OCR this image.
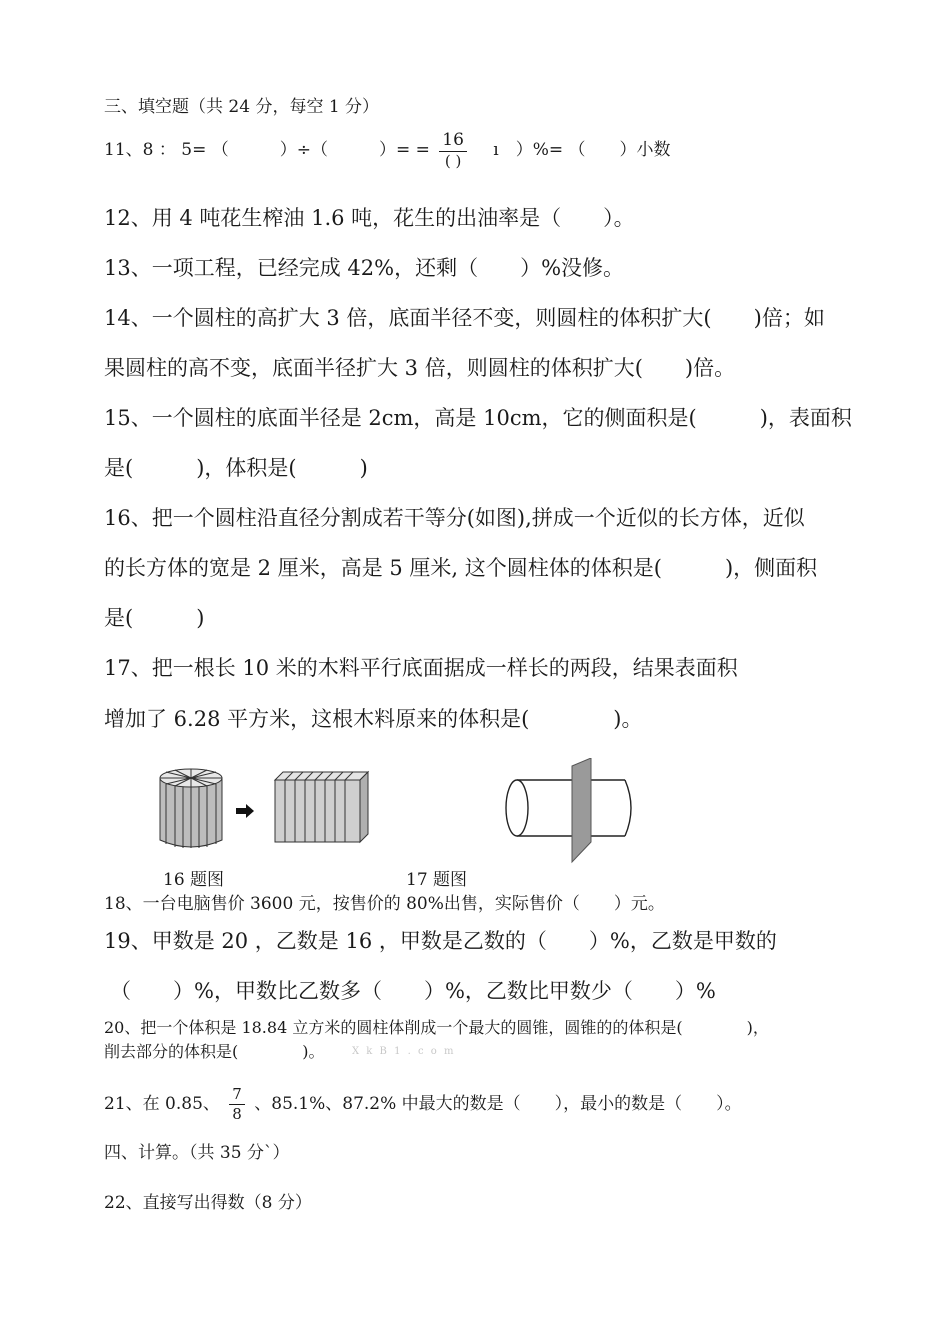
三、填空题（共 24 分，每空 1 分）
11、8 ： 5= （　　　）÷（　　　）= = $\frac{16}{( )}$ 　ı　）%= （　　）小数
12、用 4 吨花生榨油 1.6 吨，花生的出油率是（　　）。
13、一项工程，已经完成 42%，还剩（　　）%没修。
14、一个圆柱的高扩大 3 倍，底面半径不变，则圆柱的体积扩大(　　)倍；如
果圆柱的高不变，底面半径扩大 3 倍，则圆柱的体积扩大(　　)倍。
15、一个圆柱的底面半径是 2cm，高是 10cm，它的侧面积是(　　　)，表面积
是(　　　)，体积是(　　　)
16、把一个圆柱沿直径分割成若干等分(如图),拼成一个近似的长方体，近似
的长方体的宽是 2 厘米，高是 5 厘米, 这个圆柱体的体积是(　　　)，侧面积
是(　　　)
17、把一根长 10 米的木料平行底面据成一样长的两段，结果表面积
增加了 6.28 平方米，这根木料原来的体积是(　　　　)。
16 题图	17 题图
18、一台电脑售价 3600 元，按售价的 80%出售，实际售价（　　）元。
19、甲数是 20 ，乙数是 16 ，甲数是乙数的（　　）%，乙数是甲数的
（　　）%，甲数比乙数多（　　）%，乙数比甲数少（　　）%
20、把一个体积是 18.84 立方米的圆柱体削成一个最大的圆锥，圆锥的的体积是(　　　　)，
削去部分的体积是(　　　　)。	X k B 1 . c o m
21、在 0.85、 $\frac{7}{8}$ 、85.1%、87.2% 中最大的数是（　　），最小的数是（　　）。
四、计算。（共 35 分`）
22、直接写出得数（8 分）
